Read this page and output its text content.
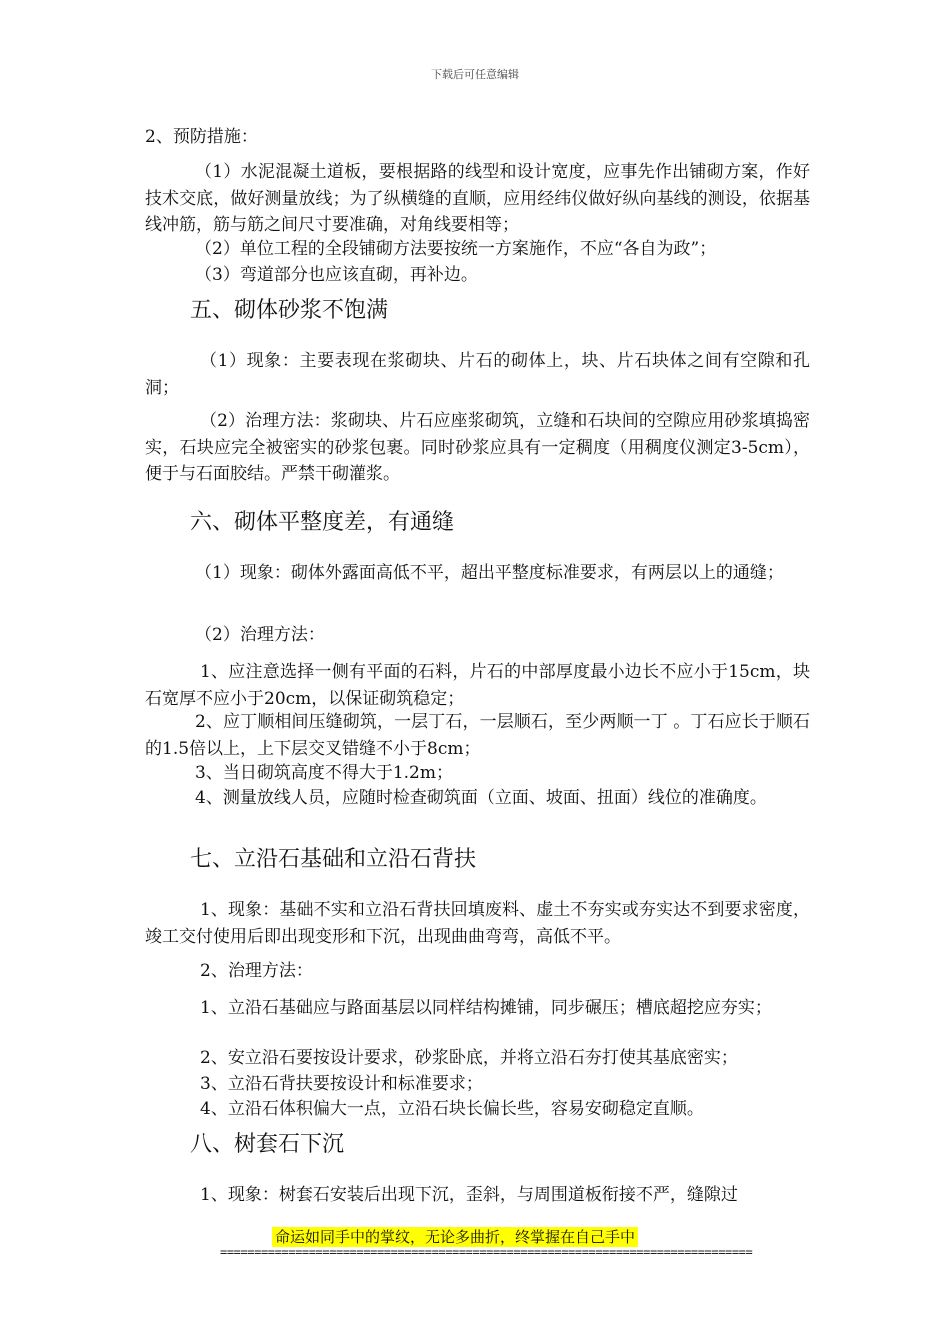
下载后可任意编辑

2、预防措施：

（1）水泥混凝土道板，要根据路的线型和设计宽度，应事先作出铺砌方案，作好技术交底，做好测量放线；为了纵横缝的直顺，应用经纬仪做好纵向基线的测设，依据基线冲筋，筋与筋之间尺寸要准确，对角线要相等；

（2）单位工程的全段铺砌方法要按统一方案施作，不应“各自为政”；

（3）弯道部分也应该直砌，再补边。

五、砌体砂浆不饱满

（1）现象：主要表现在浆砌块、片石的砌体上，块、片石块体之间有空隙和孔洞；

（2）治理方法：浆砌块、片石应座浆砌筑，立缝和石块间的空隙应用砂浆填捣密实，石块应完全被密实的砂浆包裹。同时砂浆应具有一定稠度（用稠度仪测定3-5cm），便于与石面胶结。严禁干砌灌浆。

六、砌体平整度差，有通缝

（1）现象：砌体外露面高低不平，超出平整度标准要求，有两层以上的通缝；

（2）治理方法：

1、应注意选择一侧有平面的石料，片石的中部厚度最小边长不应小于15cm，块石宽厚不应小于20cm，以保证砌筑稳定；

2、应丁顺相间压缝砌筑，一层丁石，一层顺石，至少两顺一丁 。丁石应长于顺石的1.5倍以上，上下层交叉错缝不小于8cm；

3、当日砌筑高度不得大于1.2m；

4、测量放线人员，应随时检查砌筑面（立面、坡面、扭面）线位的准确度。

七、立沿石基础和立沿石背扶

1、现象：基础不实和立沿石背扶回填废料、虚土不夯实或夯实达不到要求密度，竣工交付使用后即出现变形和下沉，出现曲曲弯弯，高低不平。

2、治理方法：

1、立沿石基础应与路面基层以同样结构摊铺，同步碾压；槽底超挖应夯实；

2、安立沿石要按设计要求，砂浆卧底，并将立沿石夯打使其基底密实；

3、立沿石背扶要按设计和标准要求；

4、立沿石体积偏大一点，立沿石块长偏长些，容易安砌稳定直顺。

八、树套石下沉

1、现象：树套石安装后出现下沉，歪斜，与周围道板衔接不严，缝隙过

命运如同手中的掌纹，无论多曲折，终掌握在自己手中
==============================================================================
